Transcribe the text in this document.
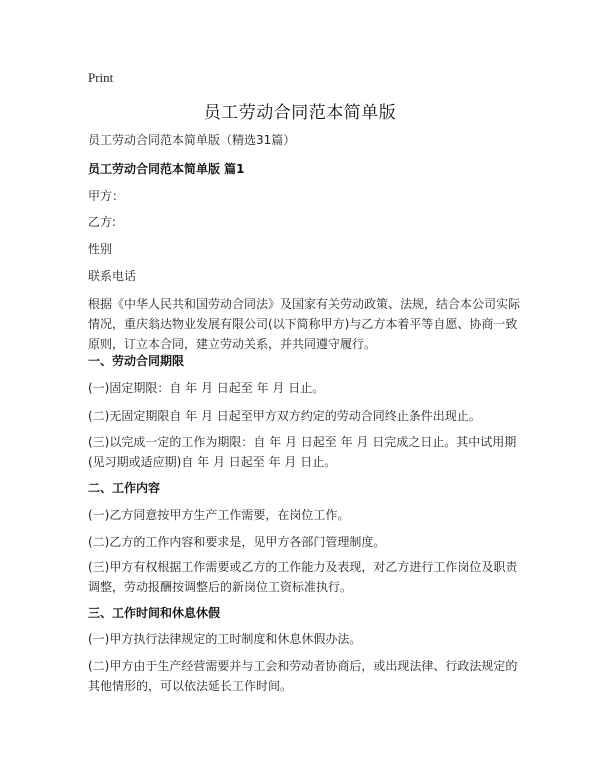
Print
员工劳动合同范本简单版
员工劳动合同范本简单版（精选31篇）
员工劳动合同范本简单版 篇1
甲方：
乙方:
性别
联系电话
根据《中华人民共和国劳动合同法》及国家有关劳动政策、法规，结合本公司实际情况，重庆翁达物业发展有限公司(以下简称甲方)与乙方本着平等自愿、协商一致原则，订立本合同，建立劳动关系，并共同遵守履行。
一、劳动合同期限
(一)固定期限：自 年 月 日起至 年 月 日止。
(二)无固定期限自 年 月 日起至甲方双方约定的劳动合同终止条件出现止。
(三)以完成一定的工作为期限：自 年 月 日起至 年 月 日完成之日止。其中试用期(见习期或适应期)自 年 月 日起至 年 月 日止。
二、工作内容
(一)乙方同意按甲方生产工作需要，在岗位工作。
(二)乙方的工作内容和要求是，见甲方各部门管理制度。
(三)甲方有权根据工作需要或乙方的工作能力及表现，对乙方进行工作岗位及职责调整，劳动报酬按调整后的新岗位工资标准执行。
三、工作时间和休息休假
(一)甲方执行法律规定的工时制度和休息休假办法。
(二)甲方由于生产经营需要并与工会和劳动者协商后，或出现法律、行政法规定的其他情形的，可以依法延长工作时间。
